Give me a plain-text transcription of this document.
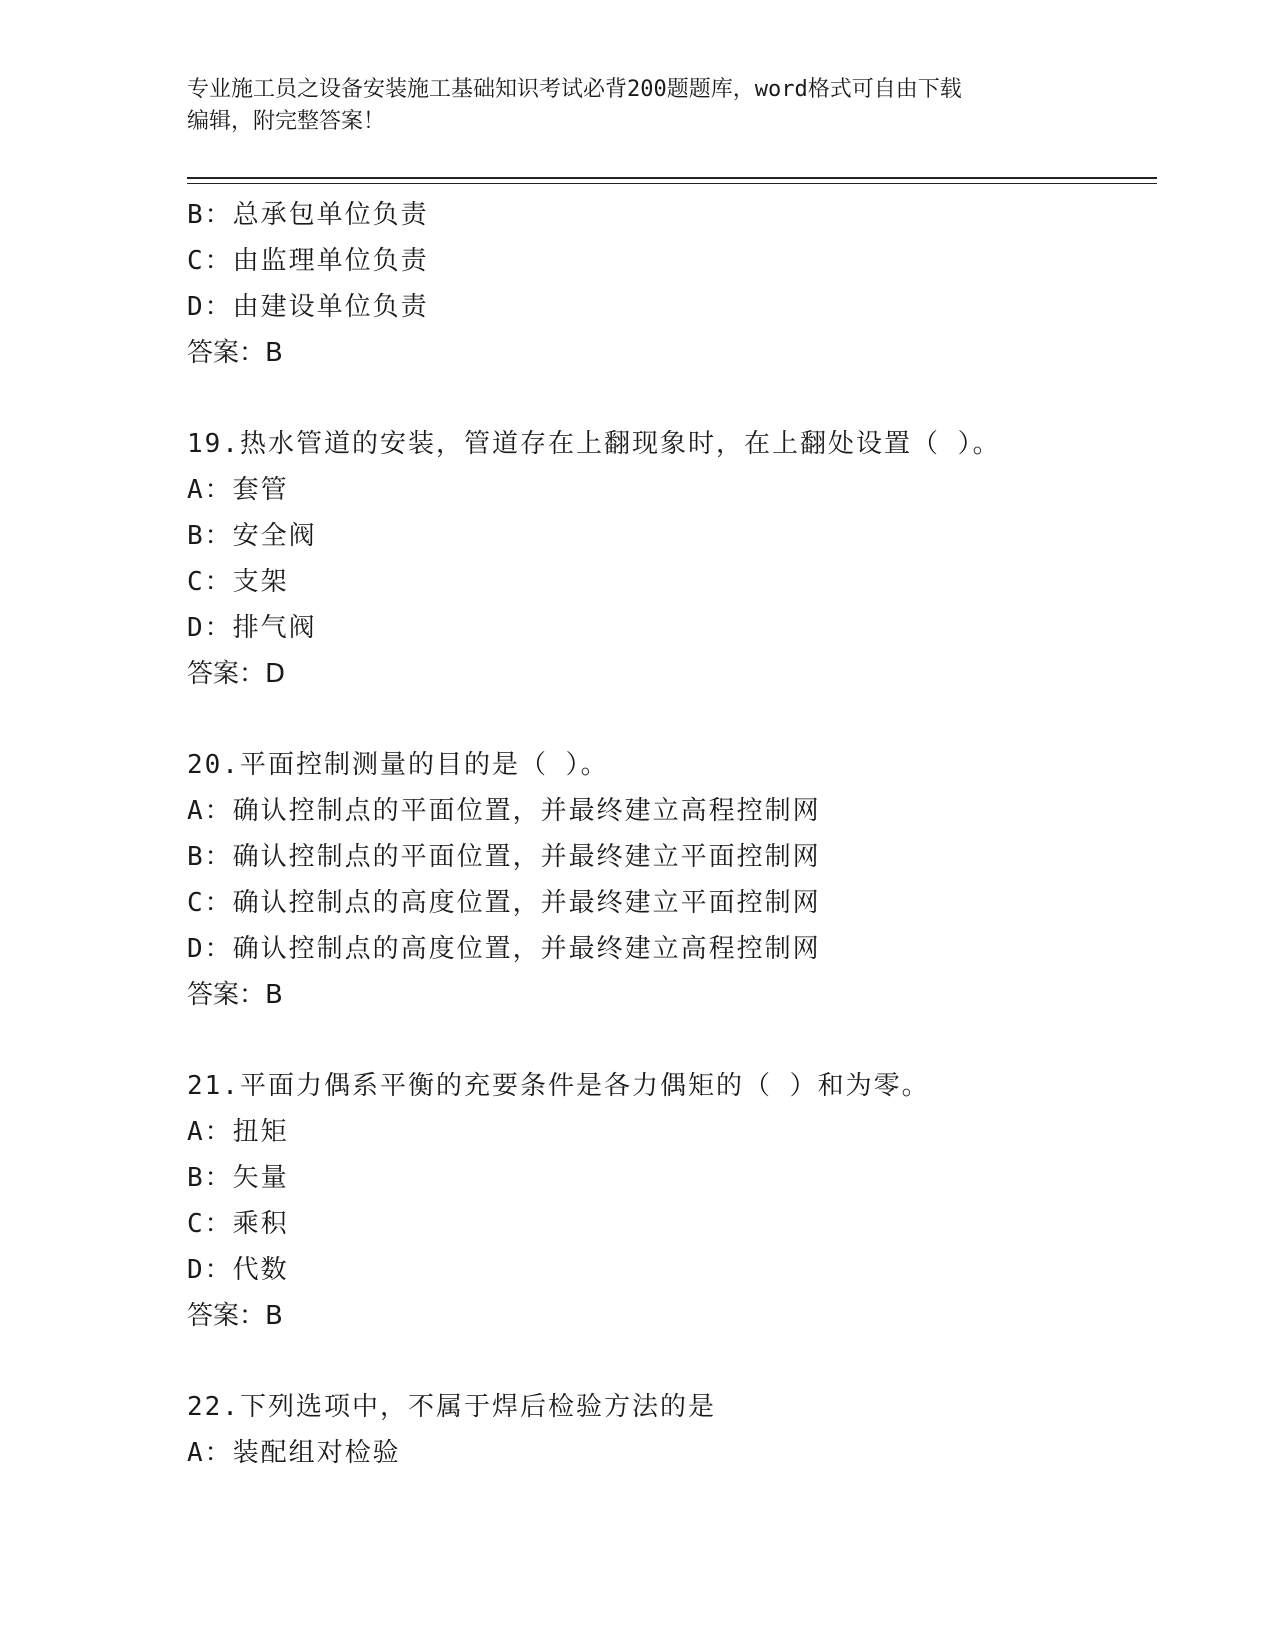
专业施工员之设备安装施工基础知识考试必背200题题库，word格式可自由下载
编辑，附完整答案！
B：总承包单位负责
C：由监理单位负责
D：由建设单位负责
答案：B
19.热水管道的安装，管道存在上翻现象时，在上翻处设置（ ）。
A：套管
B：安全阀
C：支架
D：排气阀
答案：D
20.平面控制测量的目的是（ ）。
A：确认控制点的平面位置，并最终建立高程控制网
B：确认控制点的平面位置，并最终建立平面控制网
C：确认控制点的高度位置，并最终建立平面控制网
D：确认控制点的高度位置，并最终建立高程控制网
答案：B
21.平面力偶系平衡的充要条件是各力偶矩的（ ）和为零。
A：扭矩
B：矢量
C：乘积
D：代数
答案：B
22.下列选项中，不属于焊后检验方法的是
A：装配组对检验
